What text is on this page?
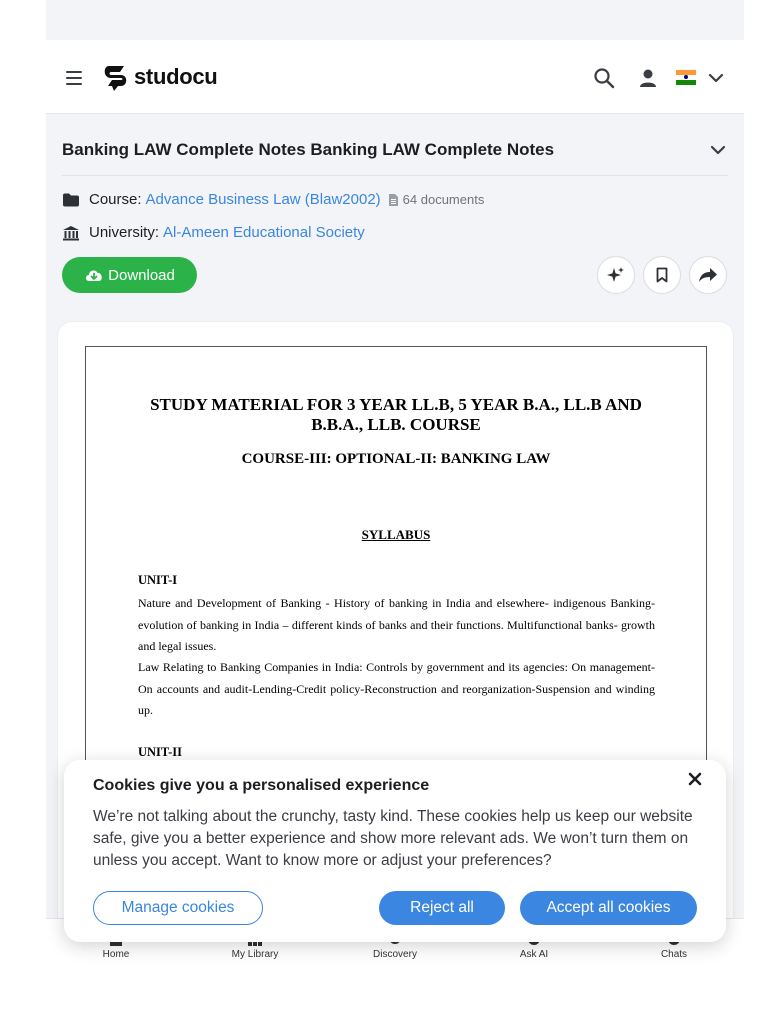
studocu
Banking LAW Complete Notes Banking LAW Complete Notes
Course: Advance Business Law (Blaw2002) 64 documents
University: Al-Ameen Educational Society
Download
STUDY MATERIAL FOR 3 YEAR LL.B, 5 YEAR B.A., LL.B AND
B.B.A., LLB. COURSE
COURSE-III: OPTIONAL-II: BANKING LAW
SYLLABUS
UNIT-I
Nature and Development of Banking - History of banking in India and elsewhere- indigenous Banking-evolution of banking in India – different kinds of banks and their functions. Multifunctional banks- growth and legal issues.
Law Relating to Banking Companies in India: Controls by government and its agencies: On management-On accounts and audit-Lending-Credit policy-Reconstruction and reorganization-Suspension and winding up.
UNIT-II
Home	My Library	Discovery	Ask AI	Chats
Cookies give you a personalised experience
We’re not talking about the crunchy, tasty kind. These cookies help us keep our website safe, give you a better experience and show more relevant ads. We won’t turn them on unless you accept. Want to know more or adjust your preferences?
Manage cookies	Reject all	Accept all cookies
